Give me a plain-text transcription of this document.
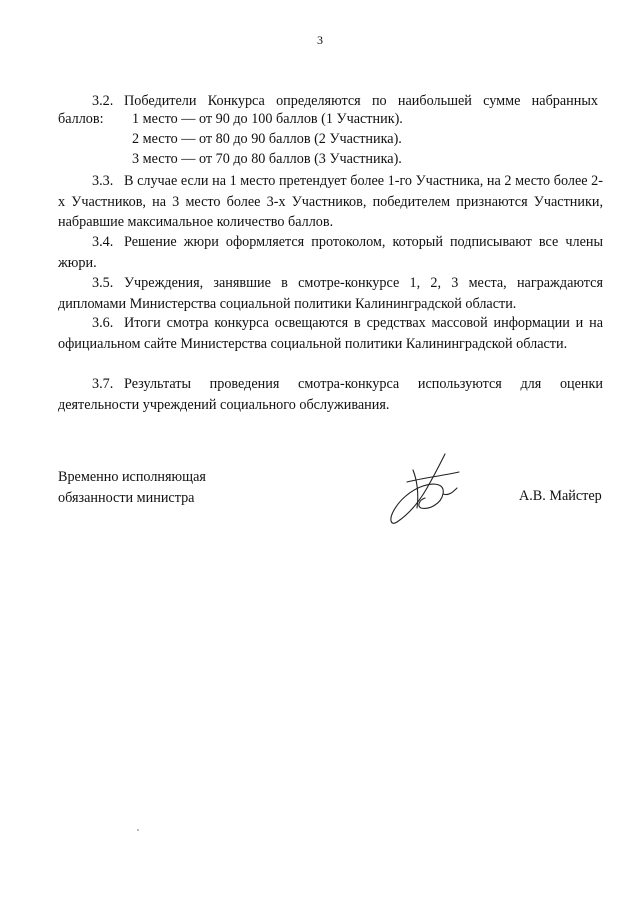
3
3.2. Победители Конкурса определяются по наибольшей сумме набранных
баллов: 1 место — от 90 до 100 баллов (1 Участник).
2 место — от 80 до 90 баллов (2 Участника).
3 место — от 70 до 80 баллов (3 Участника).
3.3. В случае если на 1 место претендует более 1-го Участника, на 2 место более 2-х Участников, на 3 место более 3-х Участников, победителем признаются Участники, набравшие максимальное количество баллов.
3.4. Решение жюри оформляется протоколом, который подписывают все члены жюри.
3.5. Учреждения, занявшие в смотре-конкурсе 1, 2, 3 места, награждаются дипломами Министерства социальной политики Калининградской области.
3.6. Итоги смотра конкурса освещаются в средствах массовой информации и на официальном сайте Министерства социальной политики Калининградской области.
3.7. Результаты проведения смотра-конкурса используются для оценки деятельности учреждений социального обслуживания.
Временно исполняющая
обязанности министра	А.В. Майстер
